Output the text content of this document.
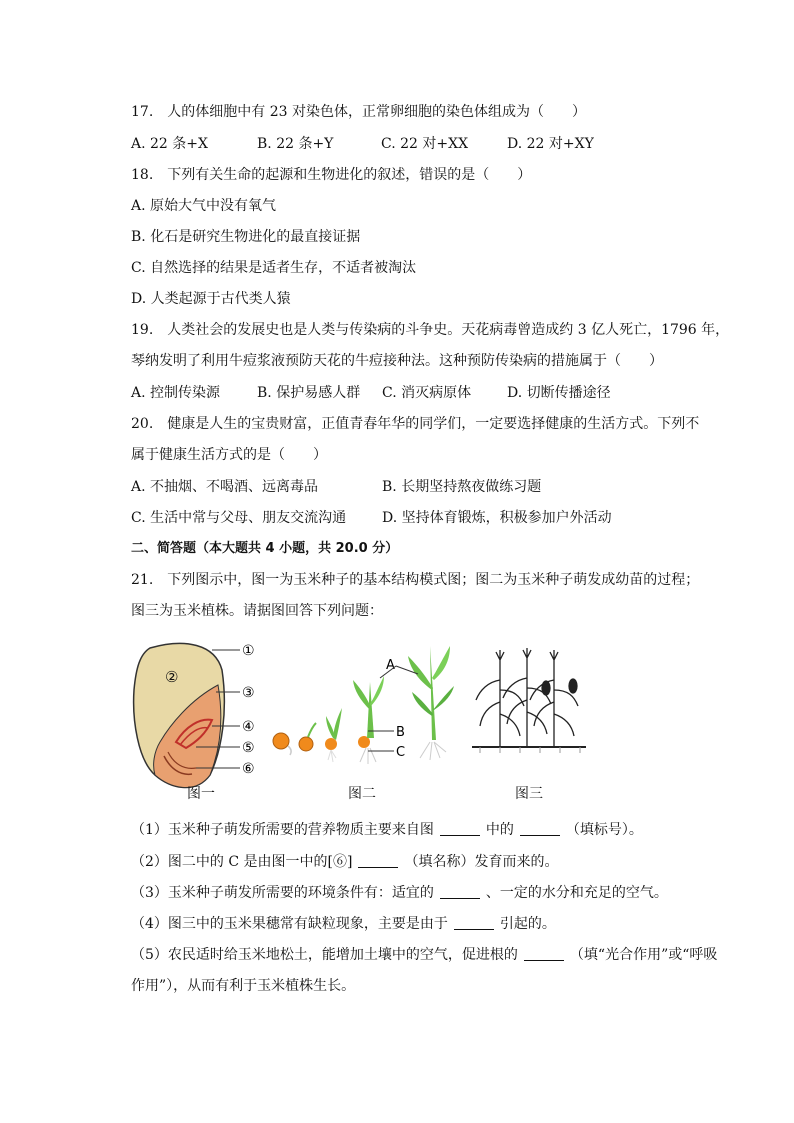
17.　人的体细胞中有 23 对染色体，正常卵细胞的染色体组成为（　　）
A. 22 条+X	B. 22 条+Y	C. 22 对+XX	D. 22 对+XY
18.　下列有关生命的起源和生物进化的叙述，错误的是（　　）
A. 原始大气中没有氧气
B. 化石是研究生物进化的最直接证据
C. 自然选择的结果是适者生存，不适者被淘汰
D. 人类起源于古代类人猿
19.　人类社会的发展史也是人类与传染病的斗争史。天花病毒曾造成约 3 亿人死亡，1796 年，
琴纳发明了利用牛痘浆液预防天花的牛痘接种法。这种预防传染病的措施属于（　　）
A. 控制传染源	B. 保护易感人群 C. 消灭病原体	D. 切断传播途径
20.　健康是人生的宝贵财富，正值青春年华的同学们，一定要选择健康的生活方式。下列不
属于健康生活方式的是（　　）
A. 不抽烟、不喝酒、远离毒品	B. 长期坚持熬夜做练习题
C. 生活中常与父母、朋友交流沟通	D. 坚持体育锻炼，积极参加户外活动
二、简答题（本大题共 4 小题，共 20.0 分）
21.　下列图示中，图一为玉米种子的基本结构模式图；图二为玉米种子萌发成幼苗的过程；
图三为玉米植株。请据图回答下列问题：
②
①
③
④
⑤
⑥
A
B
C
图一	图二	图三
（1）玉米种子萌发所需要的营养物质主要来自图	中的	（填标号）。
（2）图二中的 C 是由图一中的[⑥]	（填名称）发育而来的。
（3）玉米种子萌发所需要的环境条件有：适宜的	、一定的水分和充足的空气。
（4）图三中的玉米果穗常有缺粒现象，主要是由于	引起的。
（5）农民适时给玉米地松土，能增加土壤中的空气，促进根的	（填“光合作用”或“呼吸
作用”），从而有利于玉米植株生长。
